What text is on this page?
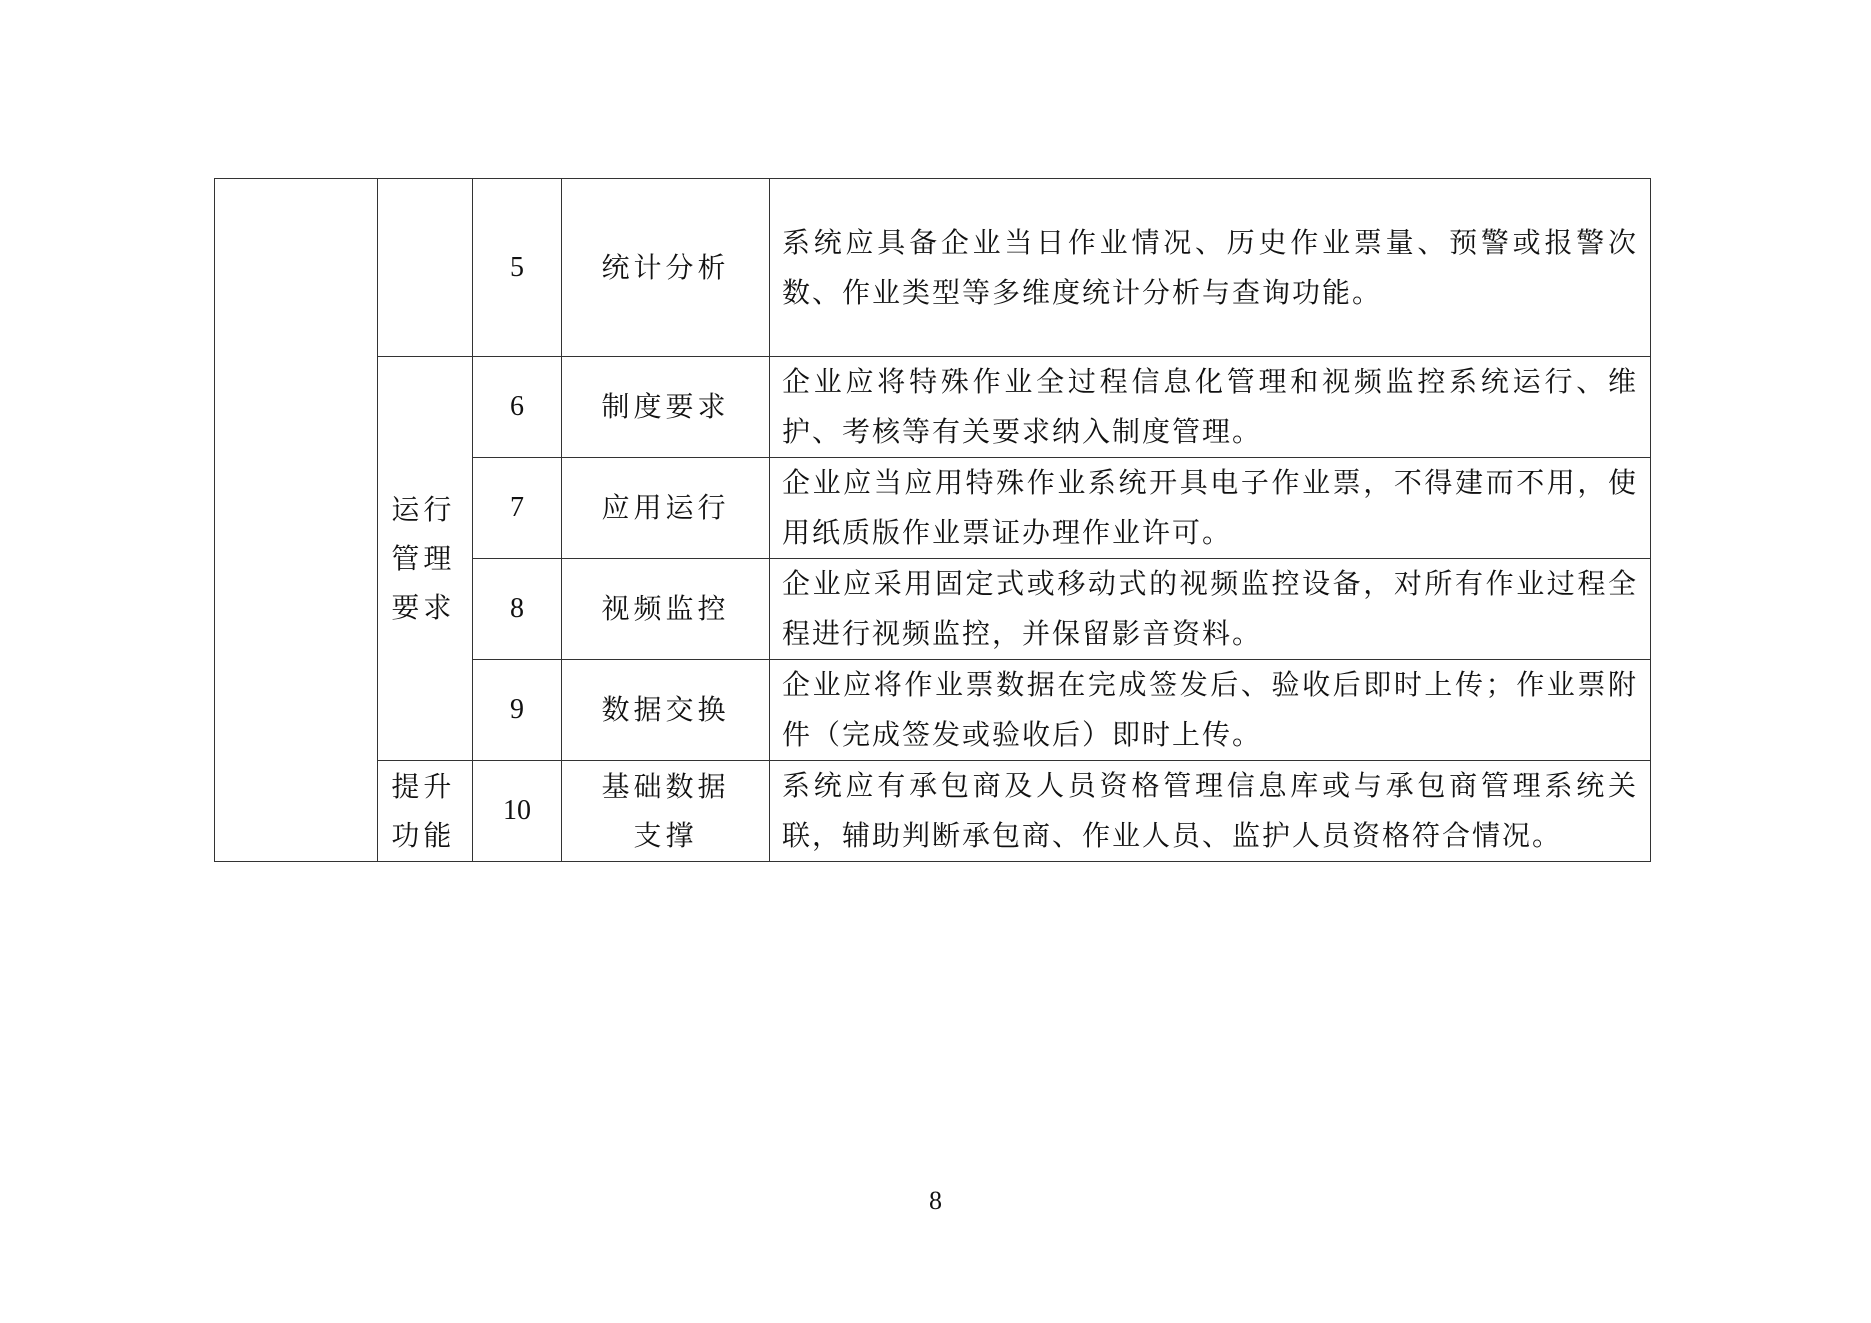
		5	统计分析	系统应具备企业当日作业情况、历史作业票量、预警或报警次数、作业类型等多维度统计分析与查询功能。
	运行管理要求	6	制度要求	企业应将特殊作业全过程信息化管理和视频监控系统运行、维护、考核等有关要求纳入制度管理。
		7	应用运行	企业应当应用特殊作业系统开具电子作业票，不得建而不用，使用纸质版作业票证办理作业许可。
		8	视频监控	企业应采用固定式或移动式的视频监控设备，对所有作业过程全程进行视频监控，并保留影音资料。
		9	数据交换	企业应将作业票数据在完成签发后、验收后即时上传；作业票附件（完成签发或验收后）即时上传。
	提升功能	10	基础数据支撑	系统应有承包商及人员资格管理信息库或与承包商管理系统关联，辅助判断承包商、作业人员、监护人员资格符合情况。
8
